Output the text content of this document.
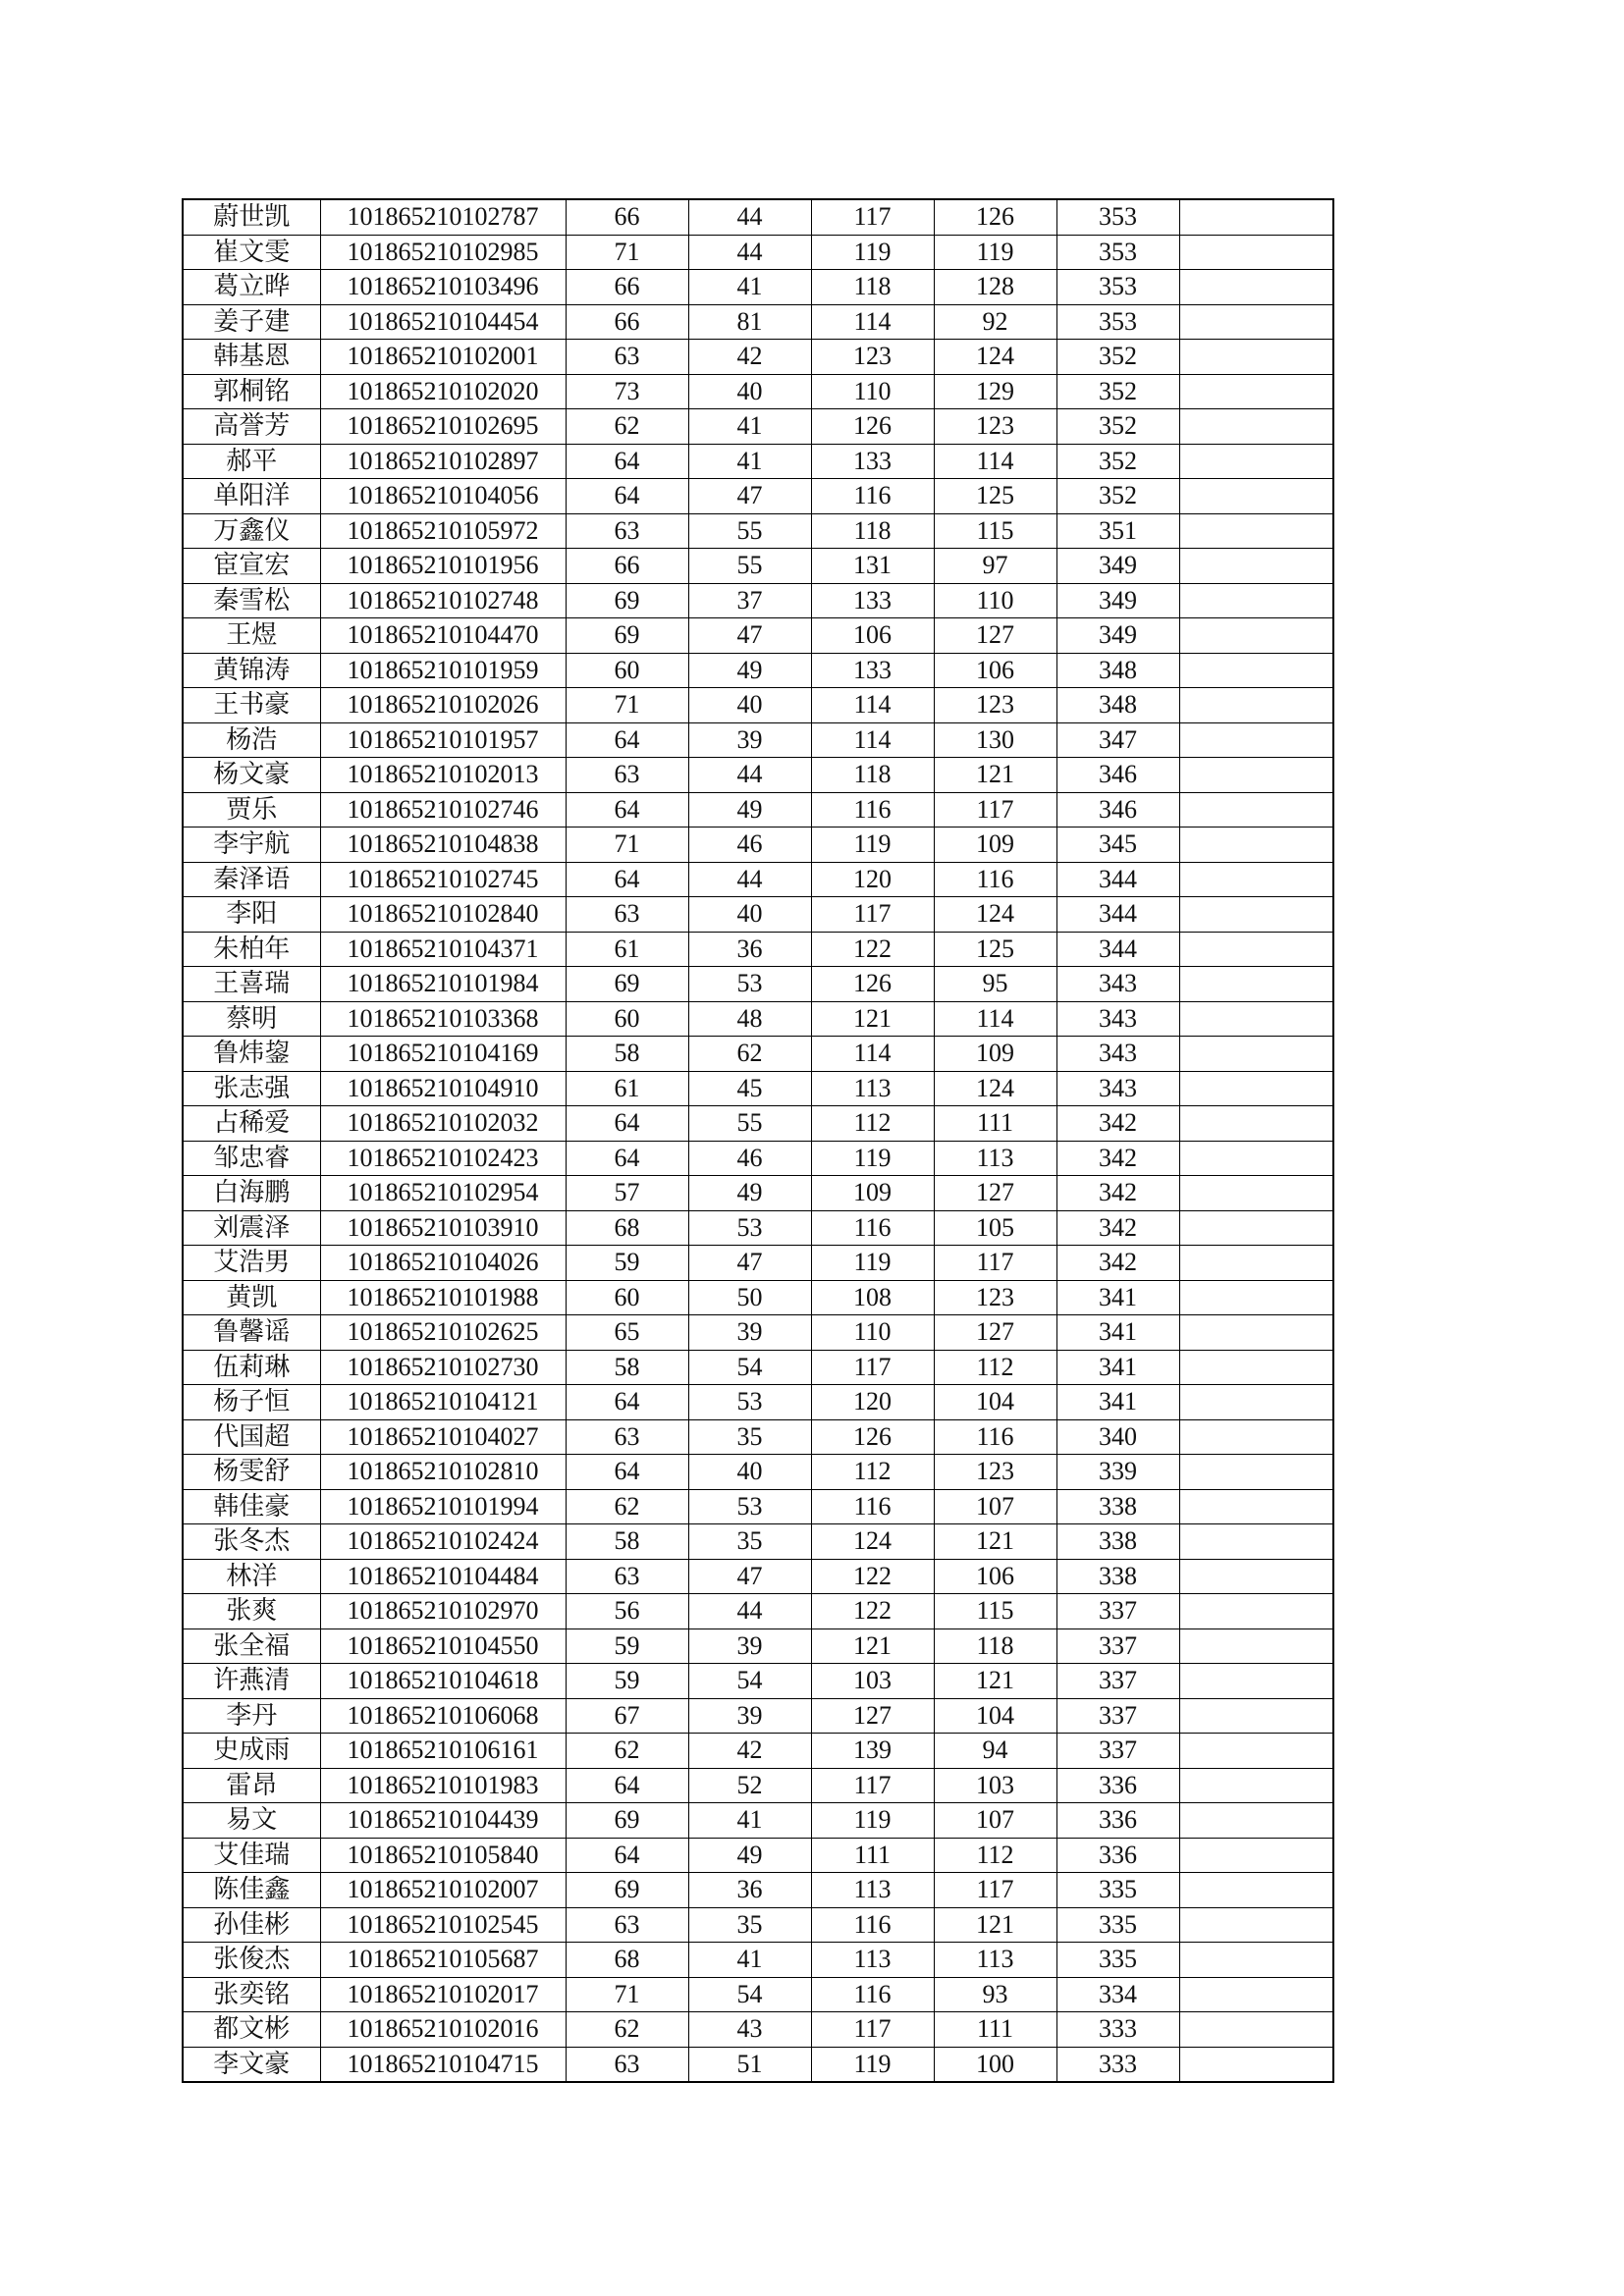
蔚世凯	101865210102787	66	44	117	126	353	
崔文雯	101865210102985	71	44	119	119	353	
葛立晔	101865210103496	66	41	118	128	353	
姜子建	101865210104454	66	81	114	92	353	
韩基恩	101865210102001	63	42	123	124	352	
郭桐铭	101865210102020	73	40	110	129	352	
高誉芳	101865210102695	62	41	126	123	352	
郝平	101865210102897	64	41	133	114	352	
单阳洋	101865210104056	64	47	116	125	352	
万鑫仪	101865210105972	63	55	118	115	351	
宦宣宏	101865210101956	66	55	131	97	349	
秦雪松	101865210102748	69	37	133	110	349	
王煜	101865210104470	69	47	106	127	349	
黄锦涛	101865210101959	60	49	133	106	348	
王书豪	101865210102026	71	40	114	123	348	
杨浩	101865210101957	64	39	114	130	347	
杨文豪	101865210102013	63	44	118	121	346	
贾乐	101865210102746	64	49	116	117	346	
李宇航	101865210104838	71	46	119	109	345	
秦泽语	101865210102745	64	44	120	116	344	
李阳	101865210102840	63	40	117	124	344	
朱柏年	101865210104371	61	36	122	125	344	
王喜瑞	101865210101984	69	53	126	95	343	
蔡明	101865210103368	60	48	121	114	343	
鲁炜鋆	101865210104169	58	62	114	109	343	
张志强	101865210104910	61	45	113	124	343	
占稀爱	101865210102032	64	55	112	111	342	
邹忠睿	101865210102423	64	46	119	113	342	
白海鹏	101865210102954	57	49	109	127	342	
刘震泽	101865210103910	68	53	116	105	342	
艾浩男	101865210104026	59	47	119	117	342	
黄凯	101865210101988	60	50	108	123	341	
鲁馨谣	101865210102625	65	39	110	127	341	
伍莉琳	101865210102730	58	54	117	112	341	
杨子恒	101865210104121	64	53	120	104	341	
代国超	101865210104027	63	35	126	116	340	
杨雯舒	101865210102810	64	40	112	123	339	
韩佳豪	101865210101994	62	53	116	107	338	
张冬杰	101865210102424	58	35	124	121	338	
林洋	101865210104484	63	47	122	106	338	
张爽	101865210102970	56	44	122	115	337	
张全福	101865210104550	59	39	121	118	337	
许燕清	101865210104618	59	54	103	121	337	
李丹	101865210106068	67	39	127	104	337	
史成雨	101865210106161	62	42	139	94	337	
雷昂	101865210101983	64	52	117	103	336	
易文	101865210104439	69	41	119	107	336	
艾佳瑞	101865210105840	64	49	111	112	336	
陈佳鑫	101865210102007	69	36	113	117	335	
孙佳彬	101865210102545	63	35	116	121	335	
张俊杰	101865210105687	68	41	113	113	335	
张奕铭	101865210102017	71	54	116	93	334	
都文彬	101865210102016	62	43	117	111	333	
李文豪	101865210104715	63	51	119	100	333	
